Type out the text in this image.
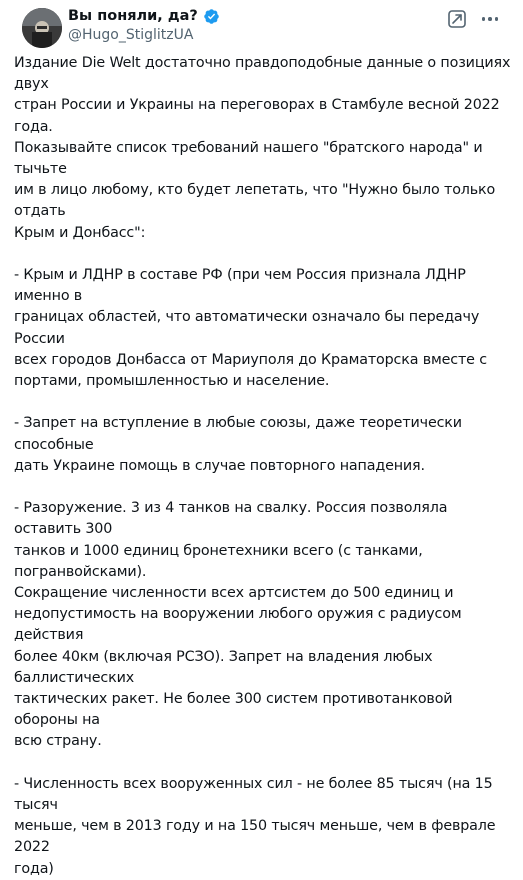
Вы поняли, да?
@Hugo_StiglitzUA

Издание Die Welt достаточно правдоподобные данные о позициях двух
стран России и Украины на переговорах в Стамбуле весной 2022 года.
Показывайте список требований нашего "братского народа" и тычьте
им в лицо любому, кто будет лепетать, что "Нужно было только отдать
Крым и Донбасс":

- Крым и ЛДНР в составе РФ (при чем Россия признала ЛДНР именно в
границах областей, что автоматически означало бы передачу России
всех городов Донбасса от Мариуполя до Краматорска вместе с
портами, промышленностью и население.

- Запрет на вступление в любые союзы, даже теоретически способные
дать Украине помощь в случае повторного нападения.

- Разоружение. 3 из 4 танков на свалку. Россия позволяла оставить 300
танков и 1000 единиц бронетехники всего (с танками, погранвойсками).
Сокращение численности всех артсистем до 500 единиц и
недопустимость на вооружении любого оружия с радиусом действия
более 40км (включая РСЗО). Запрет на владения любых баллистических
тактических ракет. Не более 300 систем противотанковой обороны на
всю страну.

- Численность всех вооруженных сил - не более 85 тысяч (на 15 тысяч
меньше, чем в 2013 году и на 150 тысяч меньше, чем в феврале 2022
года)
